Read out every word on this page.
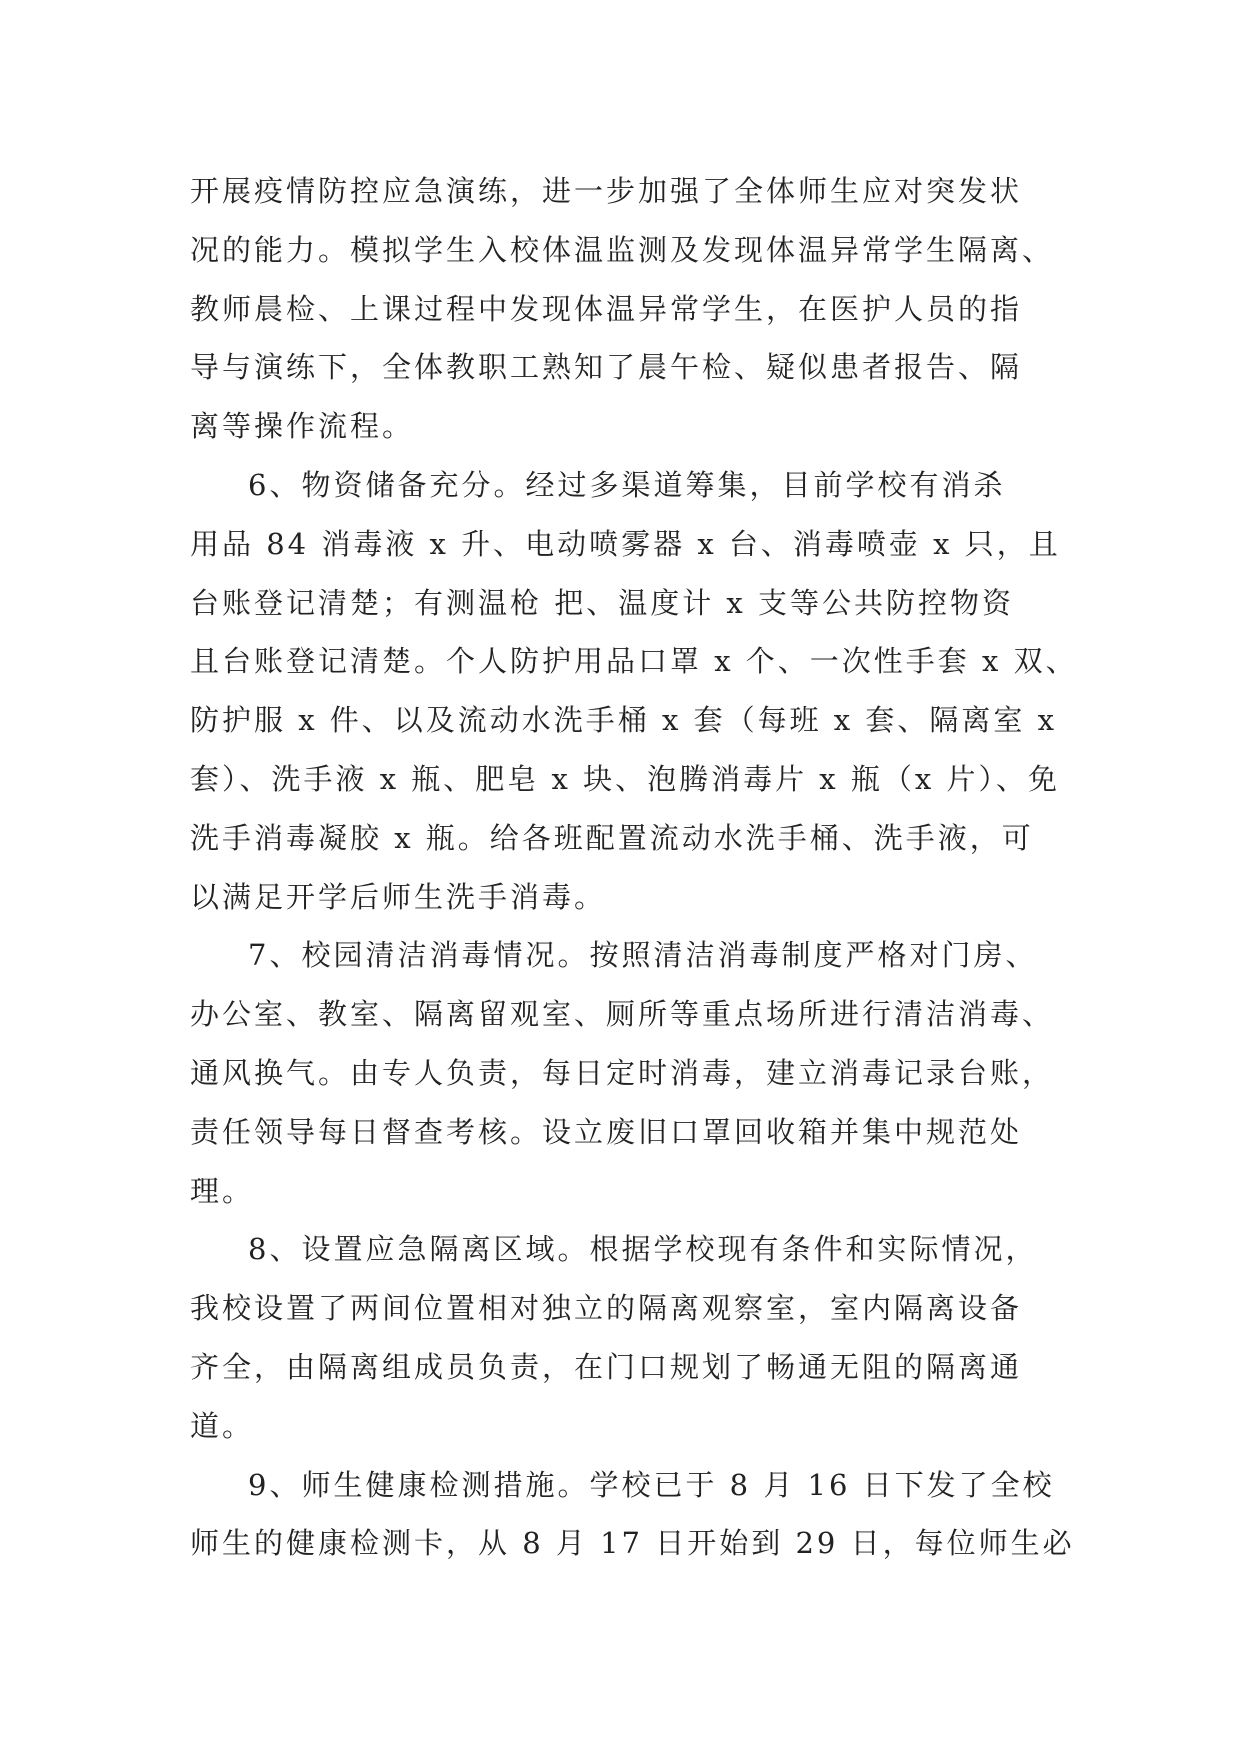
开展疫情防控应急演练，进一步加强了全体师生应对突发状
况的能力。模拟学生入校体温监测及发现体温异常学生隔离、
教师晨检、上课过程中发现体温异常学生，在医护人员的指
导与演练下，全体教职工熟知了晨午检、疑似患者报告、隔
离等操作流程。
6、物资储备充分。经过多渠道筹集，目前学校有消杀
用品 84 消毒液 x 升、电动喷雾器 x 台、消毒喷壶 x 只，且
台账登记清楚；有测温枪 把、温度计 x 支等公共防控物资
且台账登记清楚。个人防护用品口罩 x 个、一次性手套 x 双、
防护服 x 件、以及流动水洗手桶 x 套（每班 x 套、隔离室 x
套）、洗手液 x 瓶、肥皂 x 块、泡腾消毒片 x 瓶（x 片）、免
洗手消毒凝胶 x 瓶。给各班配置流动水洗手桶、洗手液，可
以满足开学后师生洗手消毒。
7、校园清洁消毒情况。按照清洁消毒制度严格对门房、
办公室、教室、隔离留观室、厕所等重点场所进行清洁消毒、
通风换气。由专人负责，每日定时消毒，建立消毒记录台账，
责任领导每日督查考核。设立废旧口罩回收箱并集中规范处
理。
8、设置应急隔离区域。根据学校现有条件和实际情况，
我校设置了两间位置相对独立的隔离观察室，室内隔离设备
齐全，由隔离组成员负责，在门口规划了畅通无阻的隔离通
道。
9、师生健康检测措施。学校已于 8 月 16 日下发了全校
师生的健康检测卡，从 8 月 17 日开始到 29 日，每位师生必
